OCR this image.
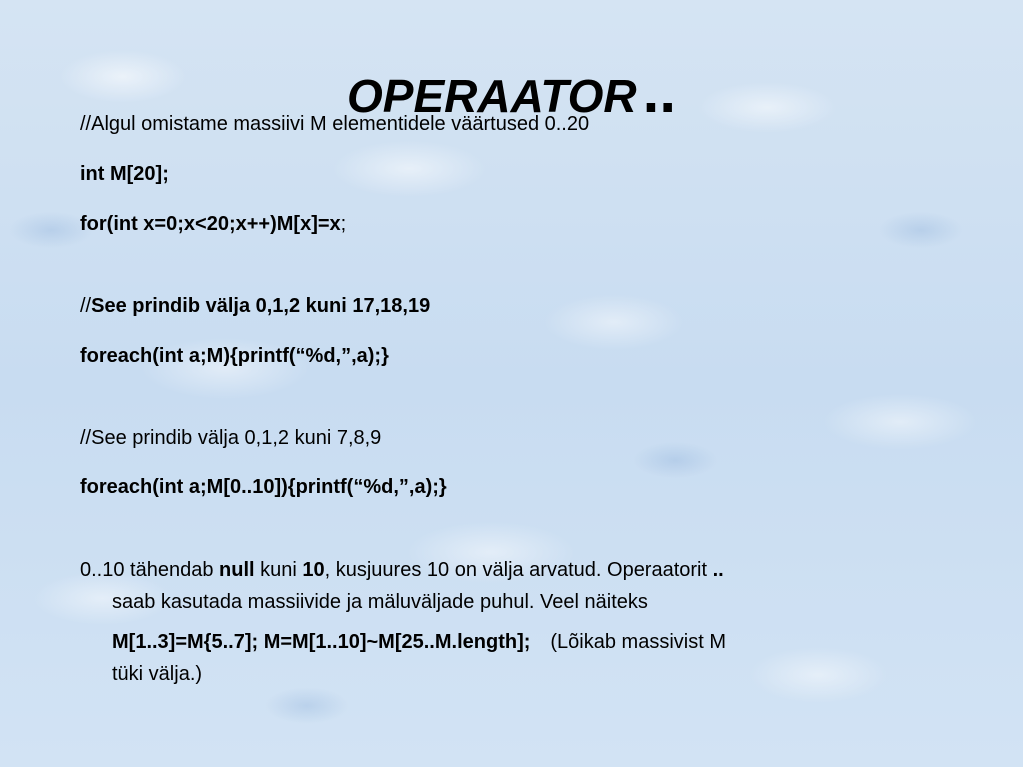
OPERAATOR ..

//Algul omistame massiivi M elementidele väärtused 0..20

int M[20];

for(int x=0;x<20;x++)M[x]=x;

//See prindib välja 0,1,2 kuni 17,18,19

foreach(int a;M){printf(“%d,”,a);}

//See prindib välja 0,1,2 kuni 7,8,9

foreach(int a;M[0..10]){printf(“%d,”,a);}

0..10 tähendab null kuni 10, kusjuures 10 on välja arvatud. Operaatorit ..

saab kasutada massiivide ja mäluväljade puhul. Veel näiteks

M[1..3]=M{5..7]; M=M[1..10]~M[25..M.length]; (Lõikab massivist M

tüki välja.)
